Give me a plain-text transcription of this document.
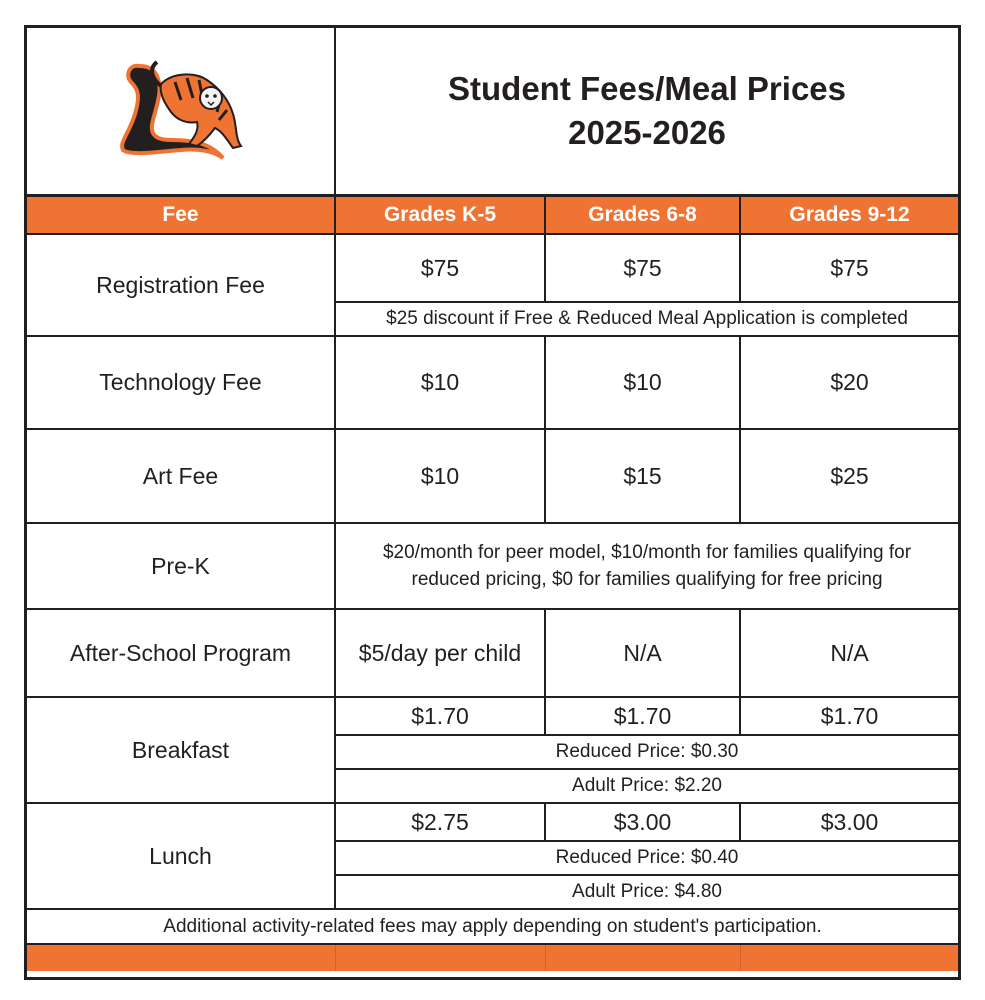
Student Fees/Meal Prices
2025-2026		

Fee	Grades K-5	Grades 6-8	Grades 9-12
Registration Fee	$75	$75	$75
	$25 discount if Free & Reduced Meal Application is completed		
Technology Fee	$10	$10	$20
Art Fee	$10	$15	$25
Pre-K	$20/month for peer model, $10/month for families qualifying for
reduced pricing, $0 for families qualifying for free pricing		

After-School Program	$5/day per child	N/A	N/A
Breakfast	$1.70	$1.70	$1.70
	Reduced Price: $0.30		
	Adult Price: $2.20		
Lunch	$2.75	$3.00	$3.00
	Reduced Price: $0.40		
	Adult Price: $4.80		
Additional activity-related fees may apply depending on student's participation.			
